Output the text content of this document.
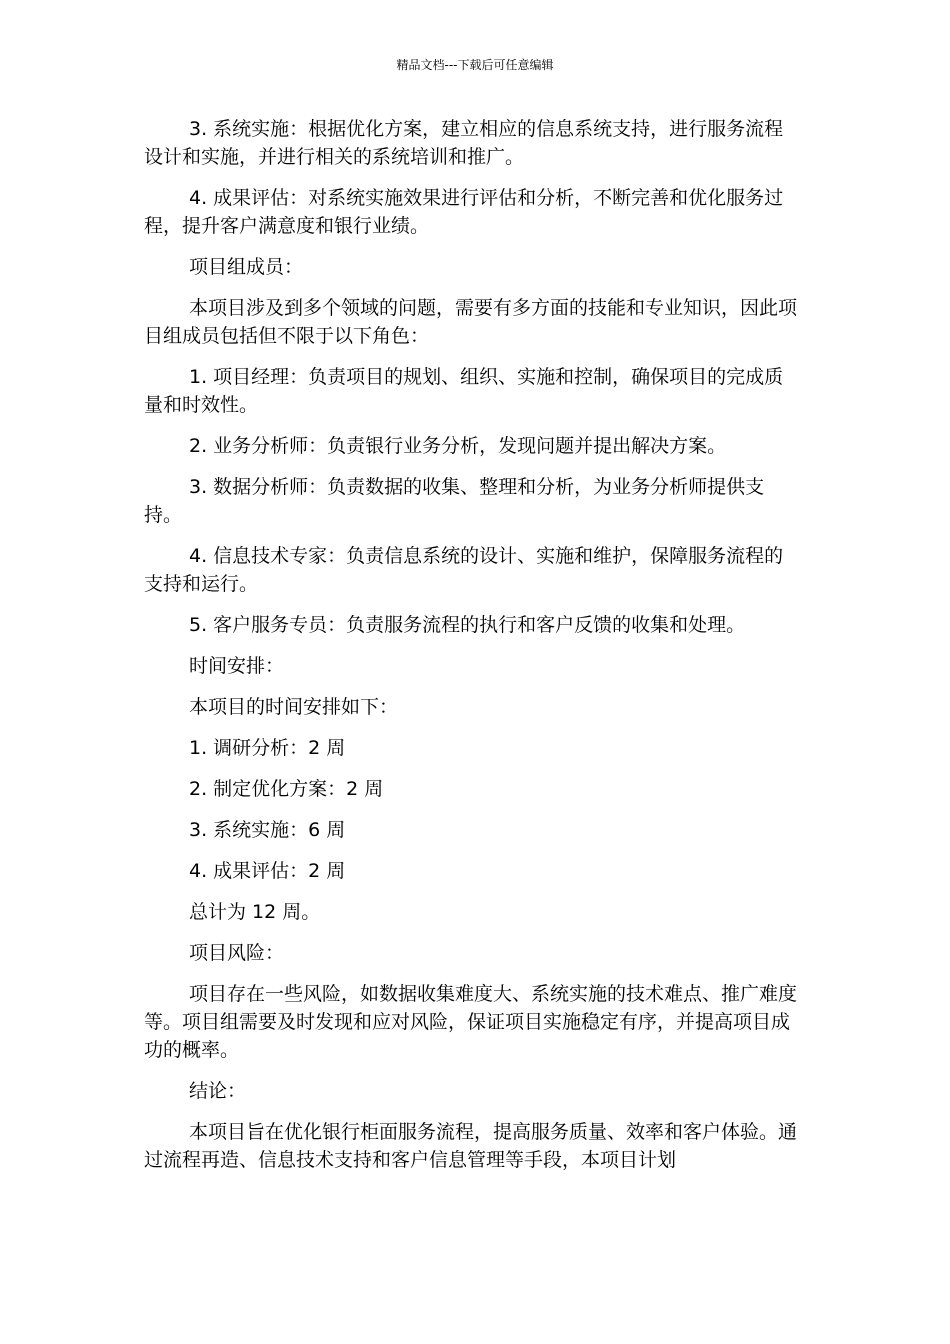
精品文档---下载后可任意编辑

3. 系统实施：根据优化方案，建立相应的信息系统支持，进行服务流程设计和实施，并进行相关的系统培训和推广。

4. 成果评估：对系统实施效果进行评估和分析，不断完善和优化服务过程，提升客户满意度和银行业绩。

项目组成员：

本项目涉及到多个领域的问题，需要有多方面的技能和专业知识，因此项目组成员包括但不限于以下角色：

1. 项目经理：负责项目的规划、组织、实施和控制，确保项目的完成质量和时效性。

2. 业务分析师：负责银行业务分析，发现问题并提出解决方案。

3. 数据分析师：负责数据的收集、整理和分析，为业务分析师提供支持。

4. 信息技术专家：负责信息系统的设计、实施和维护，保障服务流程的支持和运行。

5. 客户服务专员：负责服务流程的执行和客户反馈的收集和处理。

时间安排：

本项目的时间安排如下：

1. 调研分析：2 周

2. 制定优化方案：2 周

3. 系统实施：6 周

4. 成果评估：2 周

总计为 12 周。

项目风险：

项目存在一些风险，如数据收集难度大、系统实施的技术难点、推广难度等。项目组需要及时发现和应对风险，保证项目实施稳定有序，并提高项目成功的概率。

结论：

本项目旨在优化银行柜面服务流程，提高服务质量、效率和客户体验。通过流程再造、信息技术支持和客户信息管理等手段，本项目计划
